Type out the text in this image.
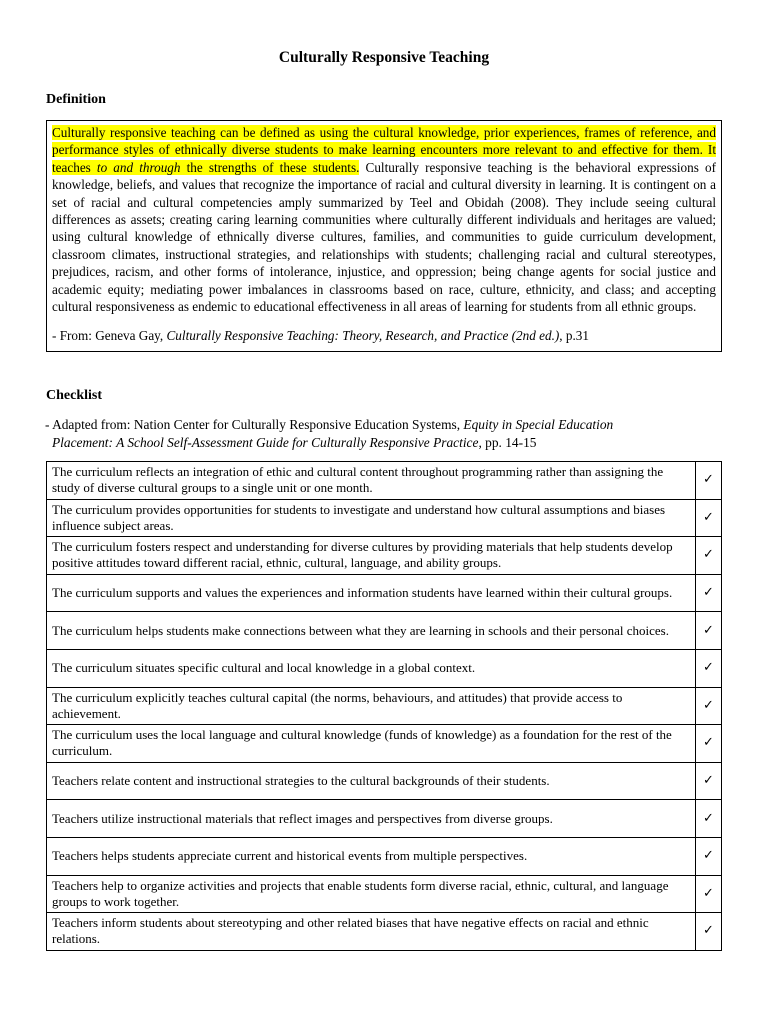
Culturally Responsive Teaching
Definition
Culturally responsive teaching can be defined as using the cultural knowledge, prior experiences, frames of reference, and performance styles of ethnically diverse students to make learning encounters more relevant to and effective for them. It teaches to and through the strengths of these students. Culturally responsive teaching is the behavioral expressions of knowledge, beliefs, and values that recognize the importance of racial and cultural diversity in learning. It is contingent on a set of racial and cultural competencies amply summarized by Teel and Obidah (2008). They include seeing cultural differences as assets; creating caring learning communities where culturally different individuals and heritages are valued; using cultural knowledge of ethnically diverse cultures, families, and communities to guide curriculum development, classroom climates, instructional strategies, and relationships with students; challenging racial and cultural stereotypes, prejudices, racism, and other forms of intolerance, injustice, and oppression; being change agents for social justice and academic equity; mediating power imbalances in classrooms based on race, culture, ethnicity, and class; and accepting cultural responsiveness as endemic to educational effectiveness in all areas of learning for students from all ethnic groups.
- From: Geneva Gay, Culturally Responsive Teaching: Theory, Research, and Practice (2nd ed.), p.31
Checklist
- Adapted from: Nation Center for Culturally Responsive Education Systems, Equity in Special Education
Placement: A School Self-Assessment Guide for Culturally Responsive Practice, pp. 14-15
The curriculum reflects an integration of ethic and cultural content throughout programming rather than assigning the study of diverse cultural groups to a single unit or one month.	✓
The curriculum provides opportunities for students to investigate and understand how cultural assumptions and biases influence subject areas.	✓
The curriculum fosters respect and understanding for diverse cultures by providing materials that help students develop positive attitudes toward different racial, ethnic, cultural, language, and ability groups.	✓
The curriculum supports and values the experiences and information students have learned within their cultural groups.	✓
The curriculum helps students make connections between what they are learning in schools and their personal choices.	✓
The curriculum situates specific cultural and local knowledge in a global context.	✓
The curriculum explicitly teaches cultural capital (the norms, behaviours, and attitudes) that provide access to achievement.	✓
The curriculum uses the local language and cultural knowledge (funds of knowledge) as a foundation for the rest of the curriculum.	✓
Teachers relate content and instructional strategies to the cultural backgrounds of their students.	✓
Teachers utilize instructional materials that reflect images and perspectives from diverse groups.	✓
Teachers helps students appreciate current and historical events from multiple perspectives.	✓
Teachers help to organize activities and projects that enable students form diverse racial, ethnic, cultural, and language groups to work together.	✓
Teachers inform students about stereotyping and other related biases that have negative effects on racial and ethnic relations.	✓
